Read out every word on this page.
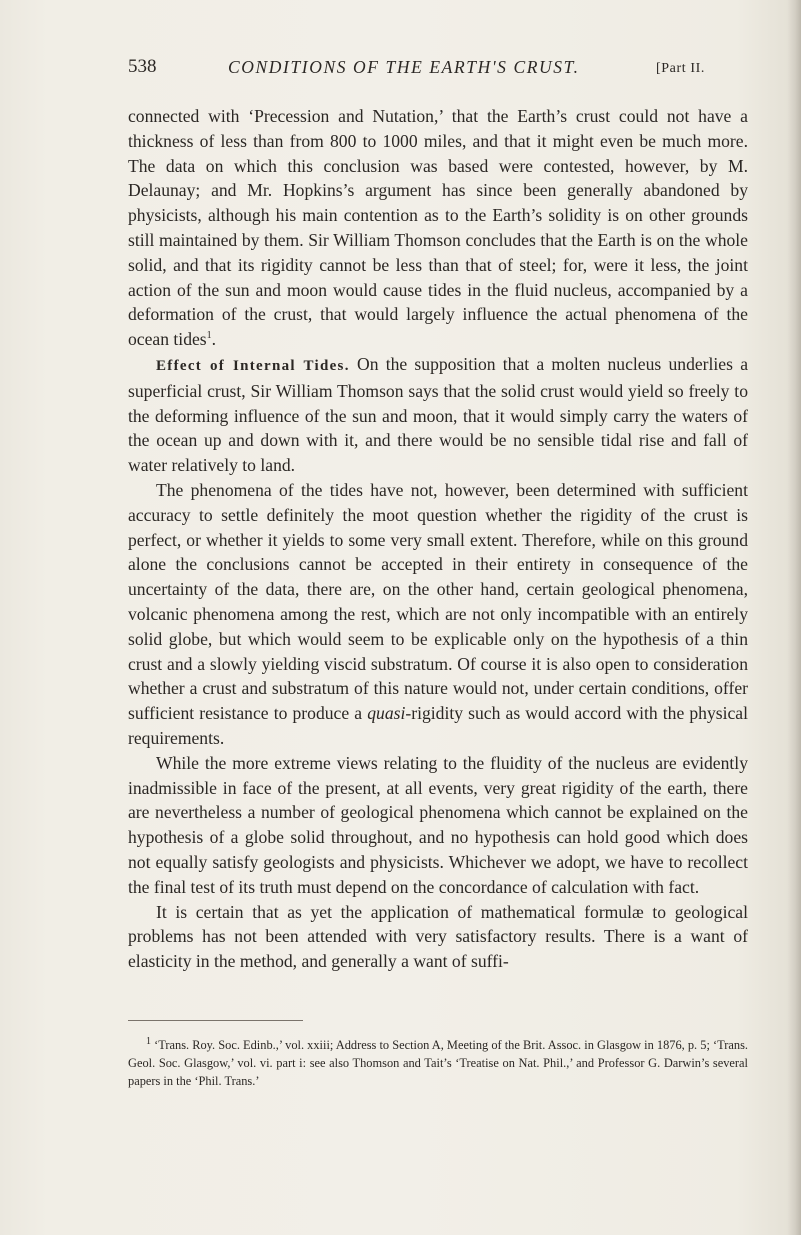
538	CONDITIONS OF THE EARTH'S CRUST.	[Part II.

connected with ‘Precession and Nutation,’ that the Earth’s crust could not have a thickness of less than from 800 to 1000 miles, and that it might even be much more. The data on which this conclusion was based were contested, however, by M. Delaunay; and Mr. Hopkins’s argument has since been generally abandoned by physicists, although his main contention as to the Earth’s solidity is on other grounds still maintained by them. Sir William Thomson concludes that the Earth is on the whole solid, and that its rigidity cannot be less than that of steel; for, were it less, the joint action of the sun and moon would cause tides in the fluid nucleus, accompanied by a deformation of the crust, that would largely influence the actual phenomena of the ocean tides$^1$.

Effect of Internal Tides. On the supposition that a molten nucleus underlies a superficial crust, Sir William Thomson says that the solid crust would yield so freely to the deforming influence of the sun and moon, that it would simply carry the waters of the ocean up and down with it, and there would be no sensible tidal rise and fall of water relatively to land.

The phenomena of the tides have not, however, been determined with sufficient accuracy to settle definitely the moot question whether the rigidity of the crust is perfect, or whether it yields to some very small extent. Therefore, while on this ground alone the conclusions cannot be accepted in their entirety in consequence of the uncertainty of the data, there are, on the other hand, certain geological phenomena, volcanic phenomena among the rest, which are not only incompatible with an entirely solid globe, but which would seem to be explicable only on the hypothesis of a thin crust and a slowly yielding viscid substratum. Of course it is also open to consideration whether a crust and substratum of this nature would not, under certain conditions, offer sufficient resistance to produce a quasi-rigidity such as would accord with the physical requirements.

While the more extreme views relating to the fluidity of the nucleus are evidently inadmissible in face of the present, at all events, very great rigidity of the earth, there are nevertheless a number of geological phenomena which cannot be explained on the hypothesis of a globe solid throughout, and no hypothesis can hold good which does not equally satisfy geologists and physicists. Whichever we adopt, we have to recollect the final test of its truth must depend on the concordance of calculation with fact.

It is certain that as yet the application of mathematical formulæ to geological problems has not been attended with very satisfactory results. There is a want of elasticity in the method, and generally a want of suffi-

$^1$ ‘Trans. Roy. Soc. Edinb.,’ vol. xxiii; Address to Section A, Meeting of the Brit. Assoc. in Glasgow in 1876, p. 5; ‘Trans. Geol. Soc. Glasgow,’ vol. vi. part i: see also Thomson and Tait’s ‘Treatise on Nat. Phil.,’ and Professor G. Darwin’s several papers in the ‘Phil. Trans.’
